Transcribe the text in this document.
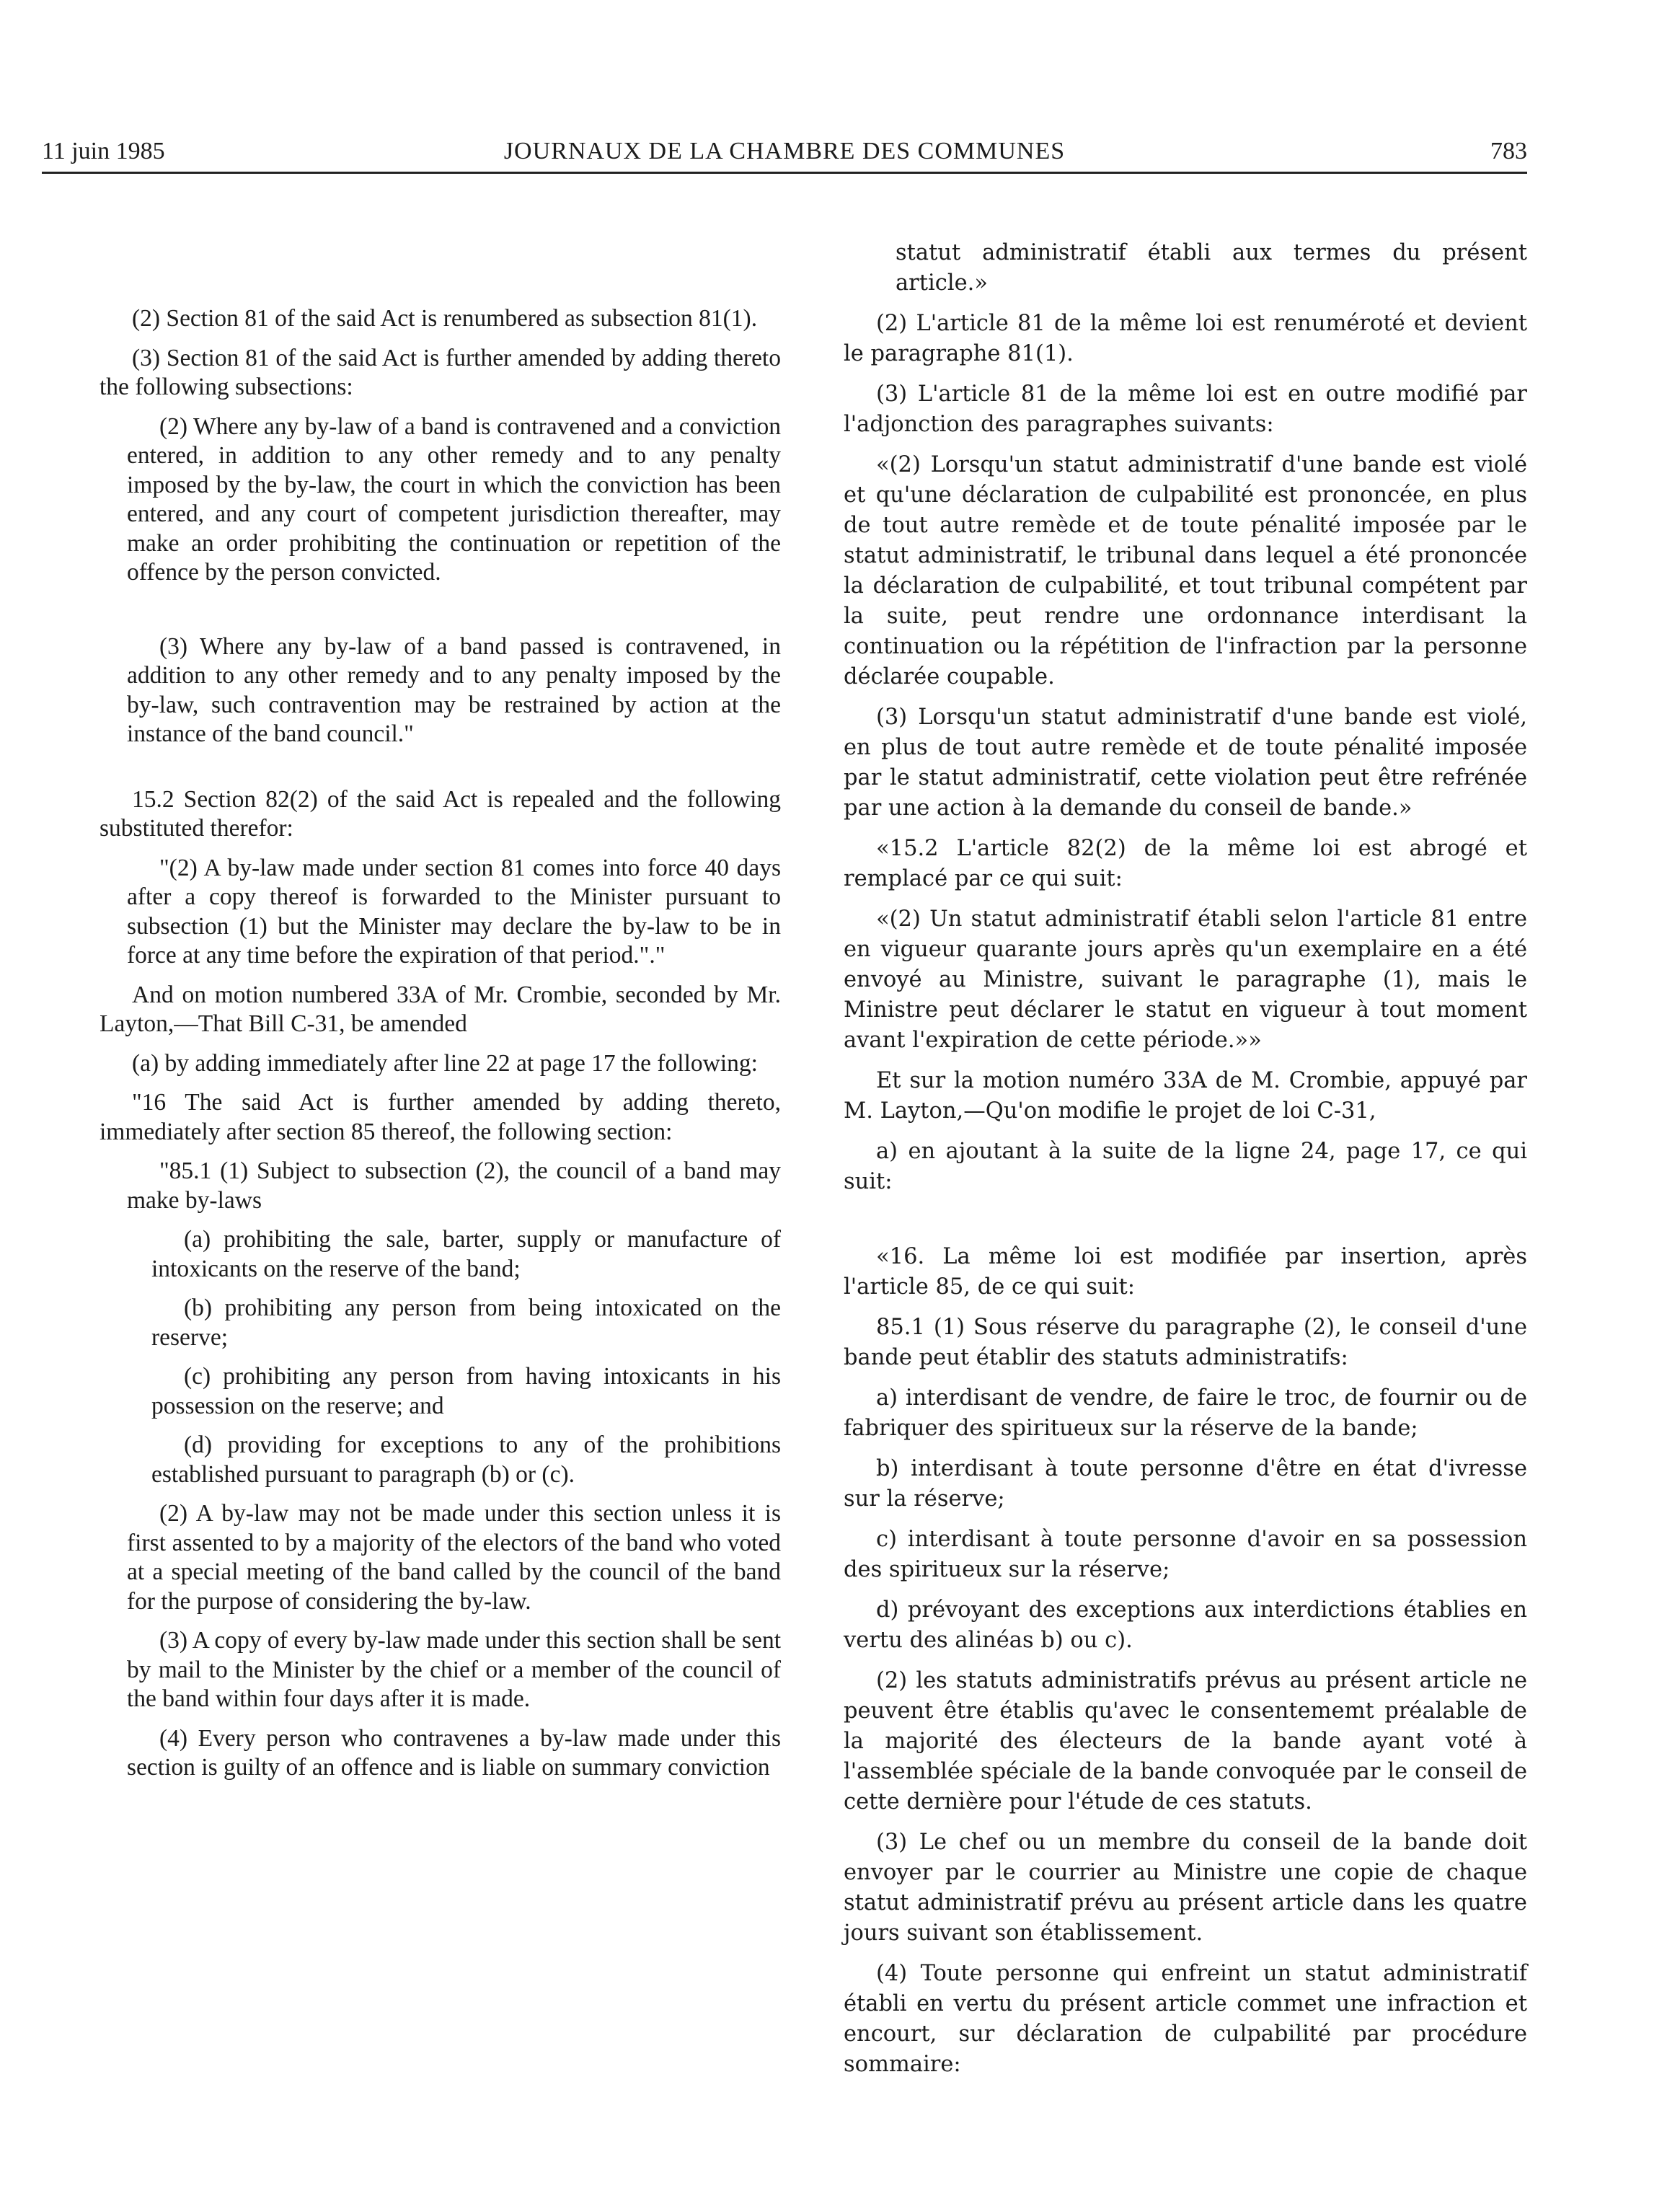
11 juin 1985	JOURNAUX DE LA CHAMBRE DES COMMUNES	783

(2) Section 81 of the said Act is renumbered as subsection 81(1).

(3) Section 81 of the said Act is further amended by adding thereto the following subsections:

(2) Where any by-law of a band is contravened and a conviction entered, in addition to any other remedy and to any penalty imposed by the by-law, the court in which the conviction has been entered, and any court of competent jurisdiction thereafter, may make an order prohibiting the continuation or repetition of the offence by the person convicted.

(3) Where any by-law of a band passed is contravened, in addition to any other remedy and to any penalty imposed by the by-law, such contravention may be restrained by action at the instance of the band council."

15.2 Section 82(2) of the said Act is repealed and the following substituted therefor:

"(2) A by-law made under section 81 comes into force 40 days after a copy thereof is forwarded to the Minister pursuant to subsection (1) but the Minister may declare the by-law to be in force at any time before the expiration of that period."."

And on motion numbered 33A of Mr. Crombie, seconded by Mr. Layton,—That Bill C-31, be amended

(a) by adding immediately after line 22 at page 17 the following:

"16 The said Act is further amended by adding thereto, immediately after section 85 thereof, the following section:

"85.1 (1) Subject to subsection (2), the council of a band may make by-laws

(a) prohibiting the sale, barter, supply or manufacture of intoxicants on the reserve of the band;

(b) prohibiting any person from being intoxicated on the reserve;

(c) prohibiting any person from having intoxicants in his possession on the reserve; and

(d) providing for exceptions to any of the prohibitions established pursuant to paragraph (b) or (c).

(2) A by-law may not be made under this section unless it is first assented to by a majority of the electors of the band who voted at a special meeting of the band called by the council of the band for the purpose of considering the by-law.

(3) A copy of every by-law made under this section shall be sent by mail to the Minister by the chief or a member of the council of the band within four days after it is made.

(4) Every person who contravenes a by-law made under this section is guilty of an offence and is liable on summary conviction

statut administratif établi aux termes du présent article.»

(2) L'article 81 de la même loi est renuméroté et devient le paragraphe 81(1).

(3) L'article 81 de la même loi est en outre modifié par l'adjonction des paragraphes suivants:

«(2) Lorsqu'un statut administratif d'une bande est violé et qu'une déclaration de culpabilité est prononcée, en plus de tout autre remède et de toute pénalité imposée par le statut administratif, le tribunal dans lequel a été prononcée la déclaration de culpabilité, et tout tribunal compétent par la suite, peut rendre une ordonnance interdisant la continuation ou la répétition de l'infraction par la personne déclarée coupable.

(3) Lorsqu'un statut administratif d'une bande est violé, en plus de tout autre remède et de toute pénalité imposée par le statut administratif, cette violation peut être refrénée par une action à la demande du conseil de bande.»

«15.2 L'article 82(2) de la même loi est abrogé et remplacé par ce qui suit:

«(2) Un statut administratif établi selon l'article 81 entre en vigueur quarante jours après qu'un exemplaire en a été envoyé au Ministre, suivant le paragraphe (1), mais le Ministre peut déclarer le statut en vigueur à tout moment avant l'expiration de cette période.»»

Et sur la motion numéro 33A de M. Crombie, appuyé par M. Layton,—Qu'on modifie le projet de loi C-31,

a) en ajoutant à la suite de la ligne 24, page 17, ce qui suit:

«16. La même loi est modifiée par insertion, après l'article 85, de ce qui suit:

85.1 (1) Sous réserve du paragraphe (2), le conseil d'une bande peut établir des statuts administratifs:

a) interdisant de vendre, de faire le troc, de fournir ou de fabriquer des spiritueux sur la réserve de la bande;

b) interdisant à toute personne d'être en état d'ivresse sur la réserve;

c) interdisant à toute personne d'avoir en sa possession des spiritueux sur la réserve;

d) prévoyant des exceptions aux interdictions établies en vertu des alinéas b) ou c).

(2) les statuts administratifs prévus au présent article ne peuvent être établis qu'avec le consentememt préalable de la majorité des électeurs de la bande ayant voté à l'assemblée spéciale de la bande convoquée par le conseil de cette dernière pour l'étude de ces statuts.

(3) Le chef ou un membre du conseil de la bande doit envoyer par le courrier au Ministre une copie de chaque statut administratif prévu au présent article dans les quatre jours suivant son établissement.

(4) Toute personne qui enfreint un statut administratif établi en vertu du présent article commet une infraction et encourt, sur déclaration de culpabilité par procédure sommaire:
